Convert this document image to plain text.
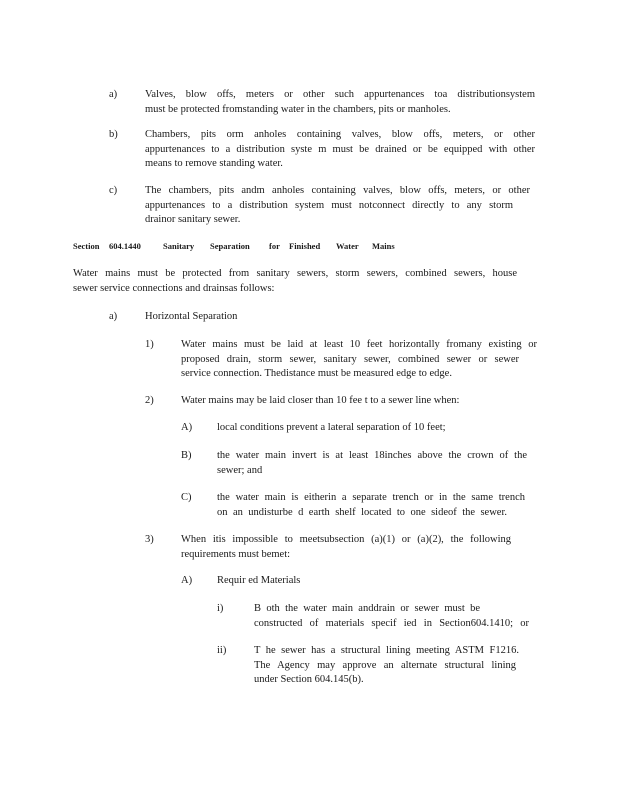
a)	Valves, blow offs, meters or other such appurtenances toa distributionsystem
must be protected fromstanding water in the chambers, pits or manholes.
b)	Chambers, pits orm anholes containing valves, blow offs, meters, or other
appurtenances to a distribution syste m must be drained or be equipped with other
means to remove standing water.
c)	The chambers, pits andm anholes containing valves, blow offs, meters, or other
appurtenances to a distribution system must notconnect directly to any storm
drainor sanitary sewer.
Section 604.1440	Sanitary Separation for Finished Water Mains
Water mains must be protected from sanitary sewers, storm sewers, combined sewers, house
sewer service connections and drainsas follows:
a)	Horizontal Separation
1)	Water mains must be laid at least 10 feet horizontally fromany existing or
proposed drain, storm sewer, sanitary sewer, combined sewer or sewer
service connection. Thedistance must be measured edge to edge.
2)	Water mains may be laid closer than 10 fee t to a sewer line when:
A) local conditions prevent a lateral separation of 10 feet;
B) the water main invert is at least 18inches above the crown of the
sewer; and
C) the water main is eitherin a separate trench or in the same trench
on an undisturbe d earth shelf located to one sideof the sewer.
3)	When itis impossible to meetsubsection (a)(1) or (a)(2), the following
requirements must bemet:
A) Requir ed Materials
i)	B oth the water main anddrain or sewer must be
constructed of materials specif ied in Section604.1410; or
ii)	T he sewer has a structural lining meeting ASTM F1216.
The Agency may approve an alternate structural lining
under Section 604.145(b).
